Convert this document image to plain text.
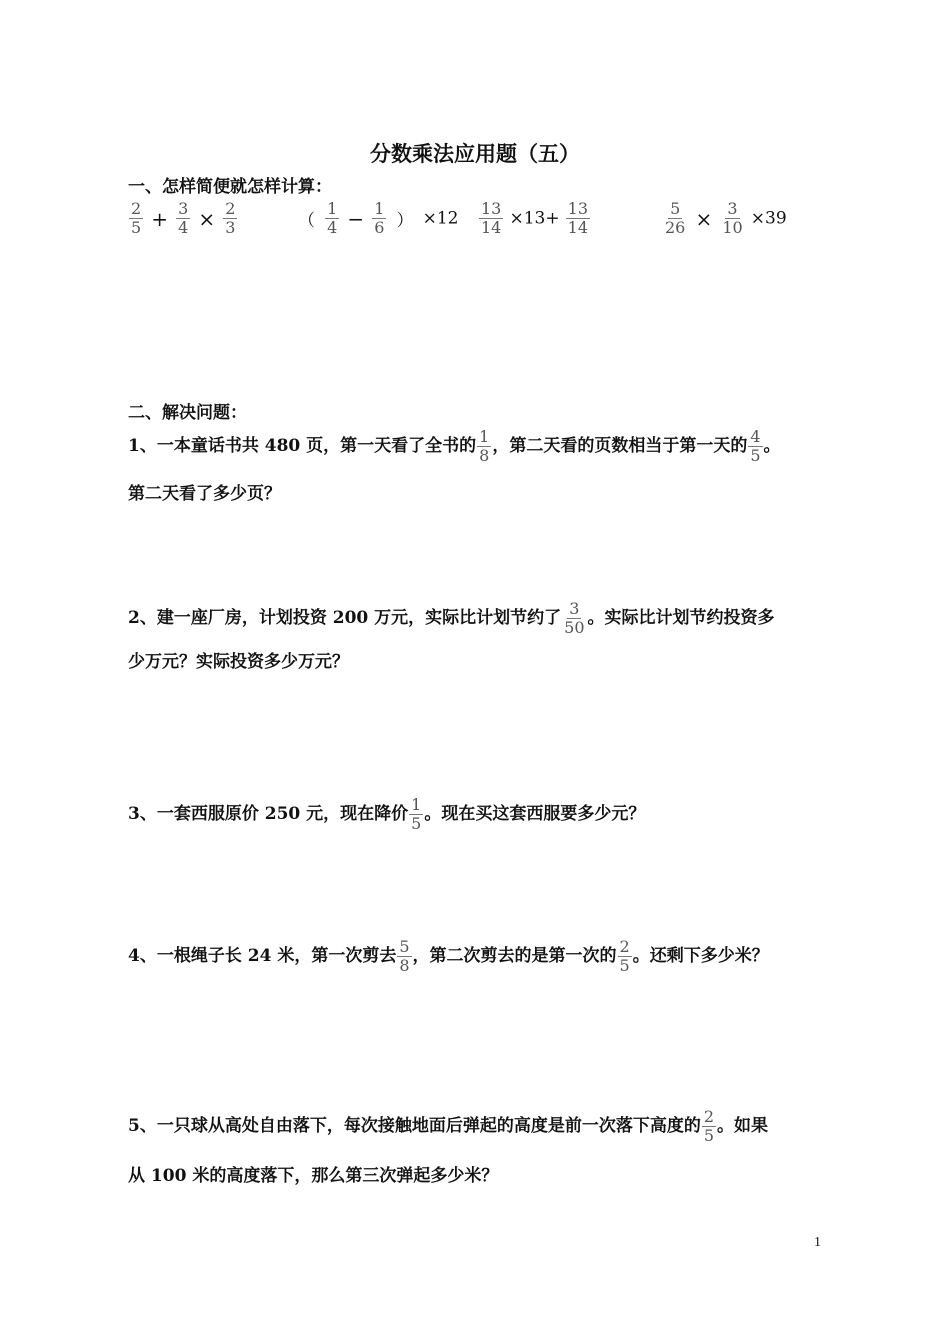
分数乘法应用题（五）
一、怎样简便就怎样计算：
$\frac{2}{5} + \frac{3}{4} \times \frac{2}{3}$	（ $\frac{1}{4} - \frac{1}{6}$ ） $\times 12 \frac{13}{14} \times 13+ \frac{13}{14}$	$\frac{5}{26} \times \frac{3}{10} \times 39$
二、解决问题：
1、一本童话书共 480 页，第一天看了全书的 $\frac{1}{8}$ ，第二天看的页数相当于第一天的 $\frac{4}{5}$ 。
第二天看了多少页？
2、建一座厂房，计划投资 200 万元，实际比计划节约了 $\frac{3}{50}$ 。实际比计划节约投资多
少万元？实际投资多少万元？
3、一套西服原价 250 元，现在降价 $\frac{1}{5}$ 。现在买这套西服要多少元？
4、一根绳子长 24 米，第一次剪去 $\frac{5}{8}$ ，第二次剪去的是第一次的 $\frac{2}{5}$ 。还剩下多少米？
5、一只球从高处自由落下，每次接触地面后弹起的高度是前一次落下高度的 $\frac{2}{5}$ 。如果
从 100 米的高度落下，那么第三次弹起多少米？
1
